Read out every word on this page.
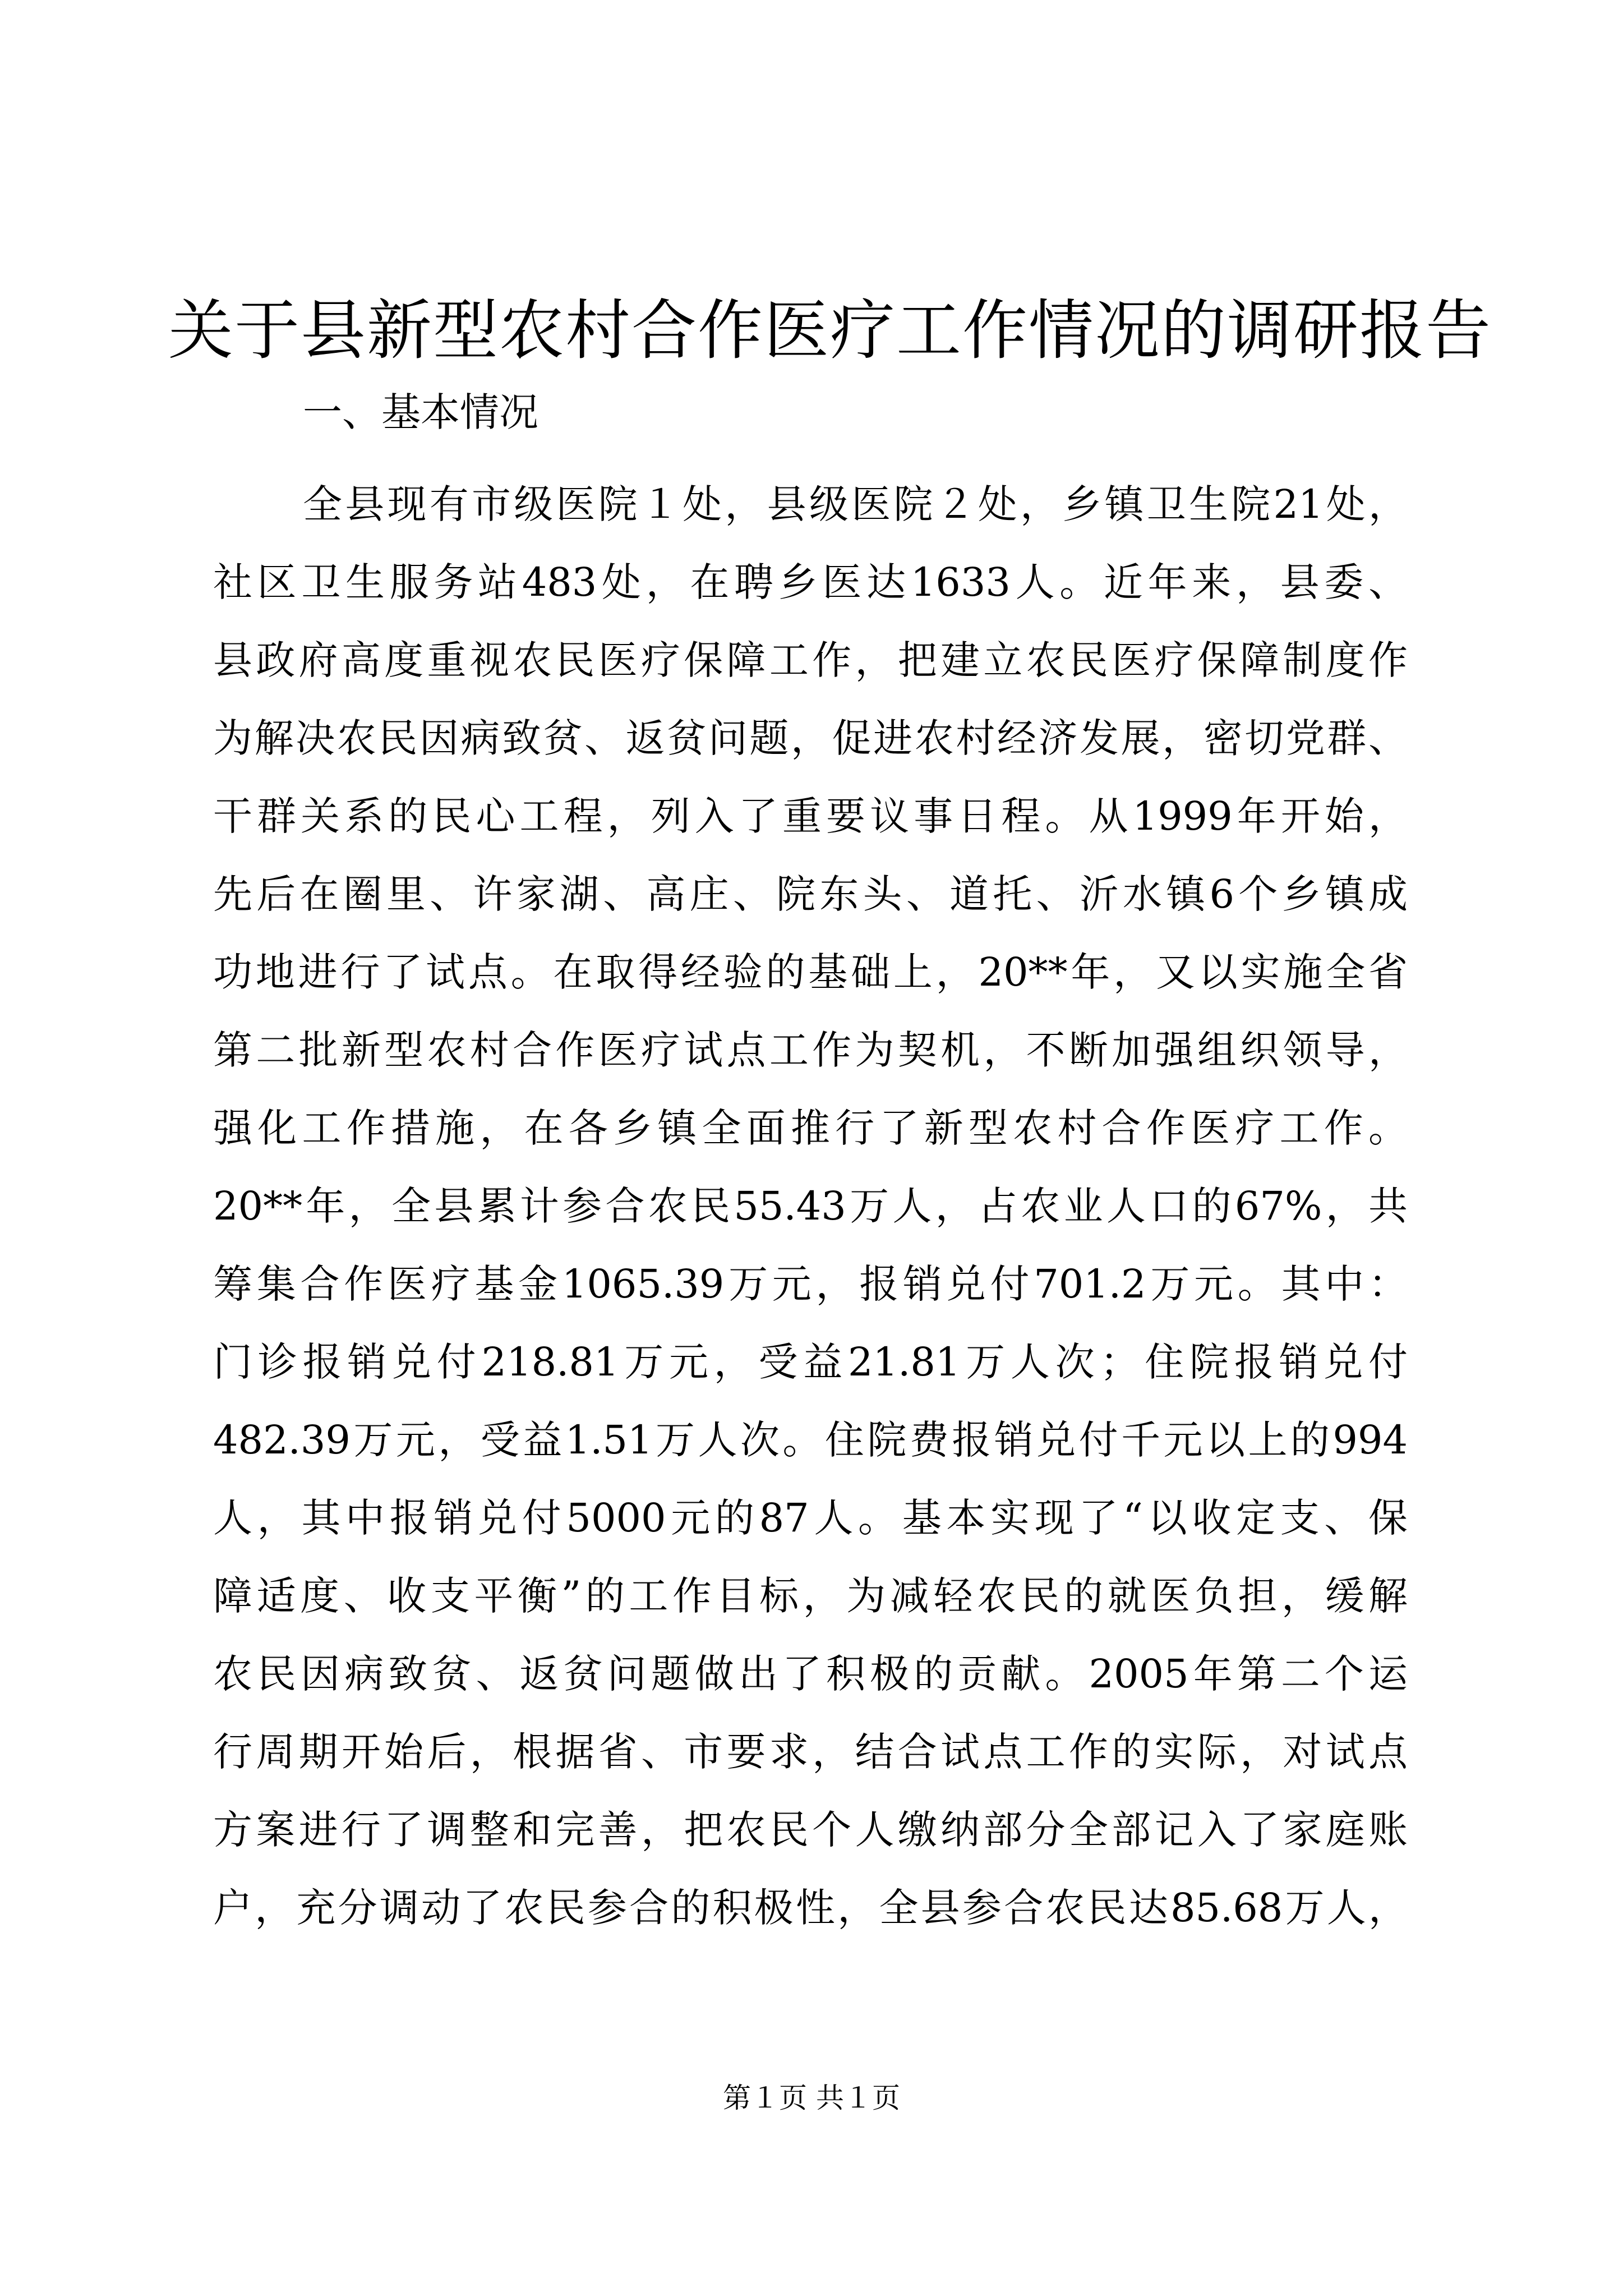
关于县新型农村合作医疗工作情况的调研报告
一、基本情况
全县现有市级医院１处，县级医院２处，乡镇卫生院21处，
社区卫生服务站483处，在聘乡医达1633人。近年来，县委、
县政府高度重视农民医疗保障工作，把建立农民医疗保障制度作
为解决农民因病致贫、返贫问题，促进农村经济发展，密切党群、
干群关系的民心工程，列入了重要议事日程。从1999年开始，
先后在圈里、许家湖、高庄、院东头、道托、沂水镇6个乡镇成
功地进行了试点。在取得经验的基础上，20**年，又以实施全省
第二批新型农村合作医疗试点工作为契机，不断加强组织领导，
强化工作措施，在各乡镇全面推行了新型农村合作医疗工作。
20**年，全县累计参合农民55.43万人，占农业人口的67%，共
筹集合作医疗基金1065.39万元，报销兑付701.2万元。其中：
门诊报销兑付218.81万元，受益21.81万人次；住院报销兑付
482.39万元，受益1.51万人次。住院费报销兑付千元以上的994
人，其中报销兑付5000元的87人。基本实现了“以收定支、保
障适度、收支平衡”的工作目标，为减轻农民的就医负担，缓解
农民因病致贫、返贫问题做出了积极的贡献。2005年第二个运
行周期开始后，根据省、市要求，结合试点工作的实际，对试点
方案进行了调整和完善，把农民个人缴纳部分全部记入了家庭账
户，充分调动了农民参合的积极性，全县参合农民达85.68万人，
第１页 共１页
